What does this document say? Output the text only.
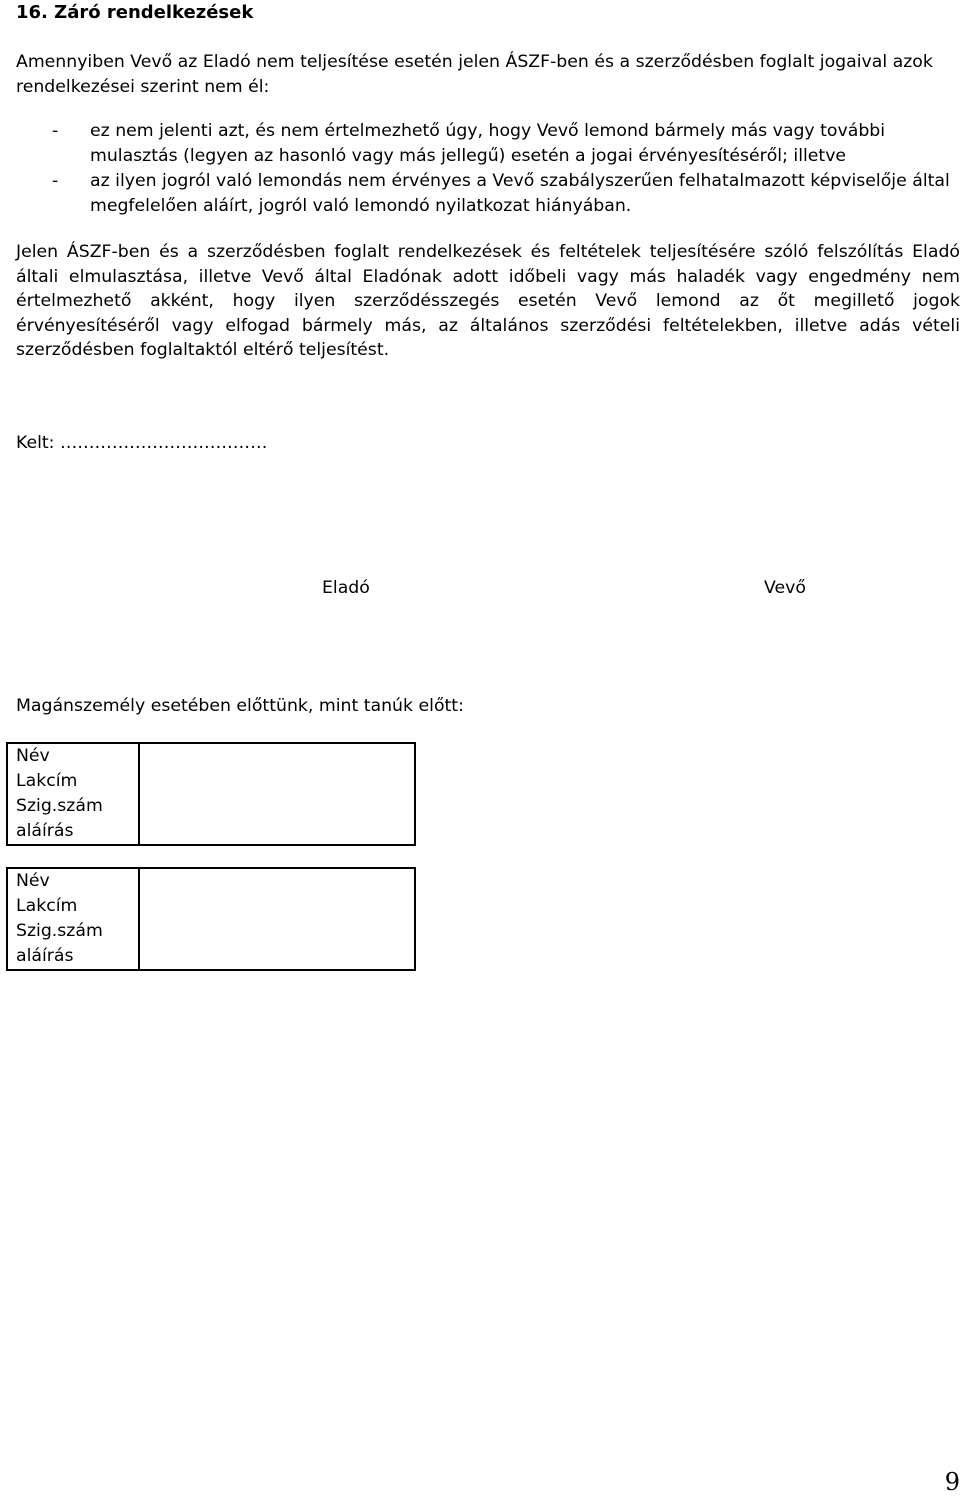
16. Záró rendelkezések

Amennyiben Vevő az Eladó nem teljesítése esetén jelen ÁSZF-ben és a szerződésben foglalt jogaival azok rendelkezései szerint nem él:

- ez nem jelenti azt, és nem értelmezhető úgy, hogy Vevő lemond bármely más vagy további mulasztás (legyen az hasonló vagy más jellegű) esetén a jogai érvényesítéséről; illetve
- az ilyen jogról való lemondás nem érvényes a Vevő szabályszerűen felhatalmazott képviselője által megfelelően aláírt, jogról való lemondó nyilatkozat hiányában.

Jelen ÁSZF-ben és a szerződésben foglalt rendelkezések és feltételek teljesítésére szóló felszólítás Eladó általi elmulasztása, illetve Vevő által Eladónak adott időbeli vagy más haladék vagy engedmény nem értelmezhető akként, hogy ilyen szerződésszegés esetén Vevő lemond az őt megillető jogok érvényesítéséről vagy elfogad bármely más, az általános szerződési feltételekben, illetve adás vételi szerződésben foglaltaktól eltérő teljesítést.

Kelt: ………………………………

Eladó	Vevő

Magánszemély esetében előttünk, mint tanúk előtt:

Név
Lakcím
Szig.szám
aláírás

Név
Lakcím
Szig.szám
aláírás

9
